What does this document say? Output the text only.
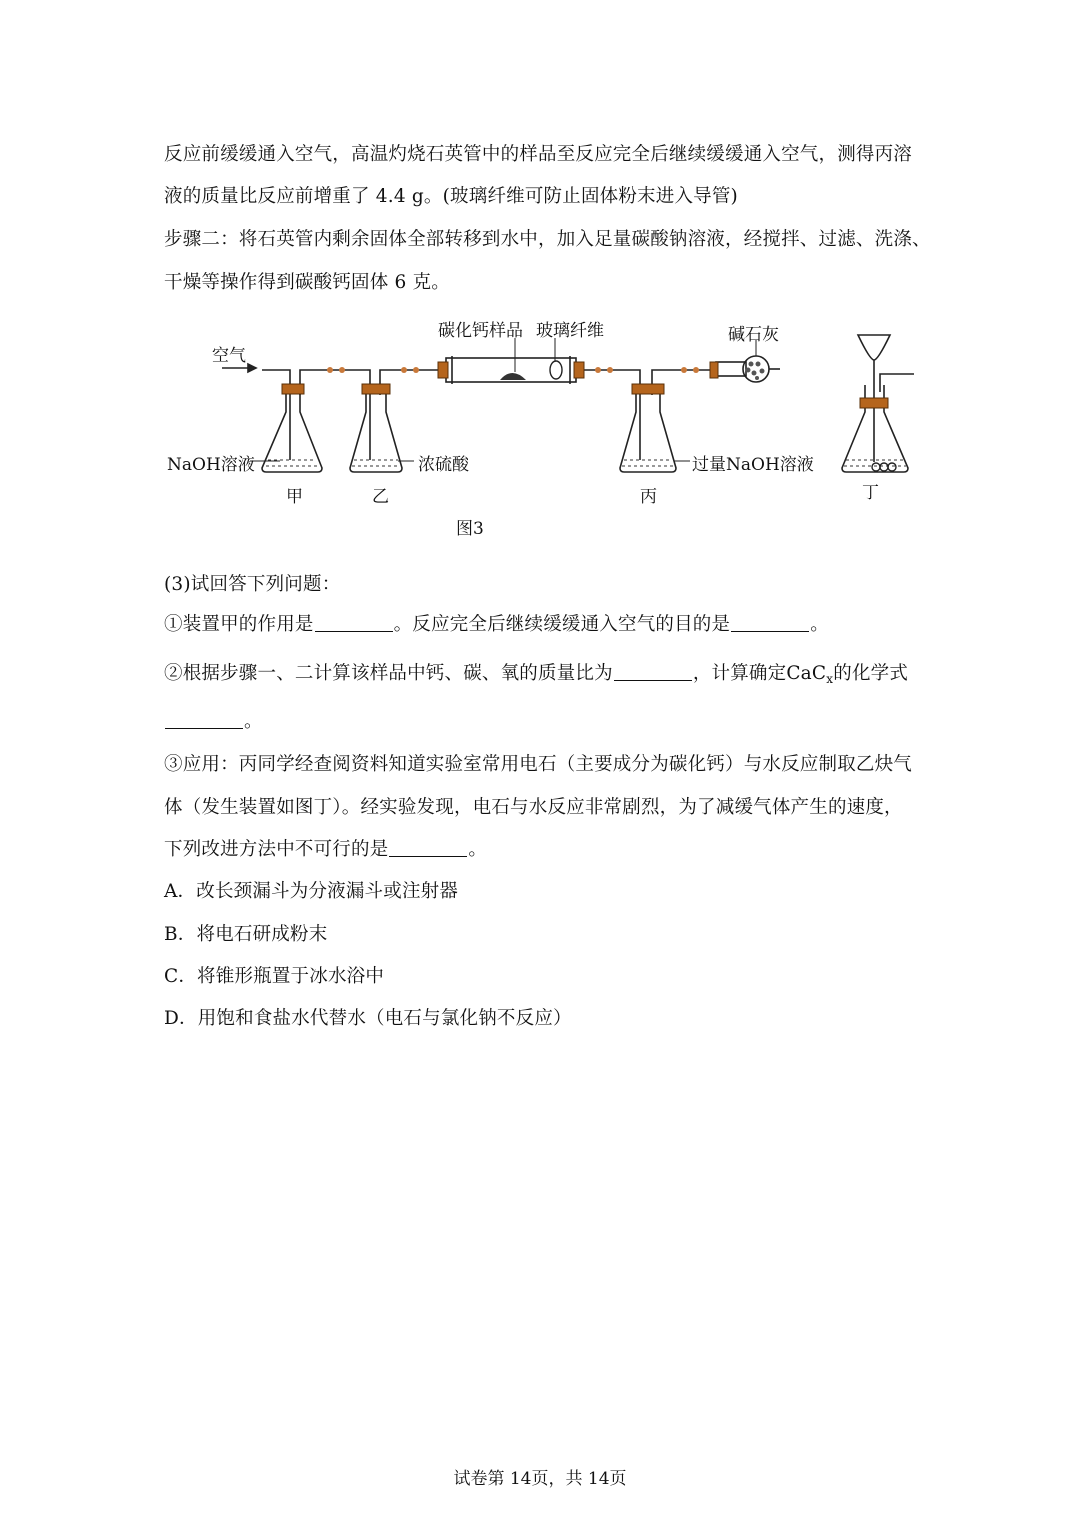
反应前缓缓通入空气，高温灼烧石英管中的样品至反应完全后继续缓缓通入空气，测得丙溶
液的质量比反应前增重了 4.4 g。(玻璃纤维可防止固体粉末进入导管)
步骤二：将石英管内剩余固体全部转移到水中，加入足量碳酸钠溶液，经搅拌、过滤、洗涤、
干燥等操作得到碳酸钙固体 6 克。
空气
NaOH溶液	浓硫酸
碳化钙样品 玻璃纤维
过量NaOH溶液
碱石灰
甲	乙	丙	丁
图3
(3)试回答下列问题：
①装置甲的作用是	。反应完全后继续缓缓通入空气的目的是	。
②根据步骤一、二计算该样品中钙、碳、氧的质量比为	，计算确定CaC$_x$的化学式
。
③应用：丙同学经查阅资料知道实验室常用电石（主要成分为碳化钙）与水反应制取乙炔气
体（发生装置如图丁）。经实验发现，电石与水反应非常剧烈，为了减缓气体产生的速度，
下列改进方法中不可行的是	。
A．改长颈漏斗为分液漏斗或注射器
B．将电石研成粉末
C．将锥形瓶置于冰水浴中
D．用饱和食盐水代替水（电石与氯化钠不反应）
试卷第 14页，共 14页
